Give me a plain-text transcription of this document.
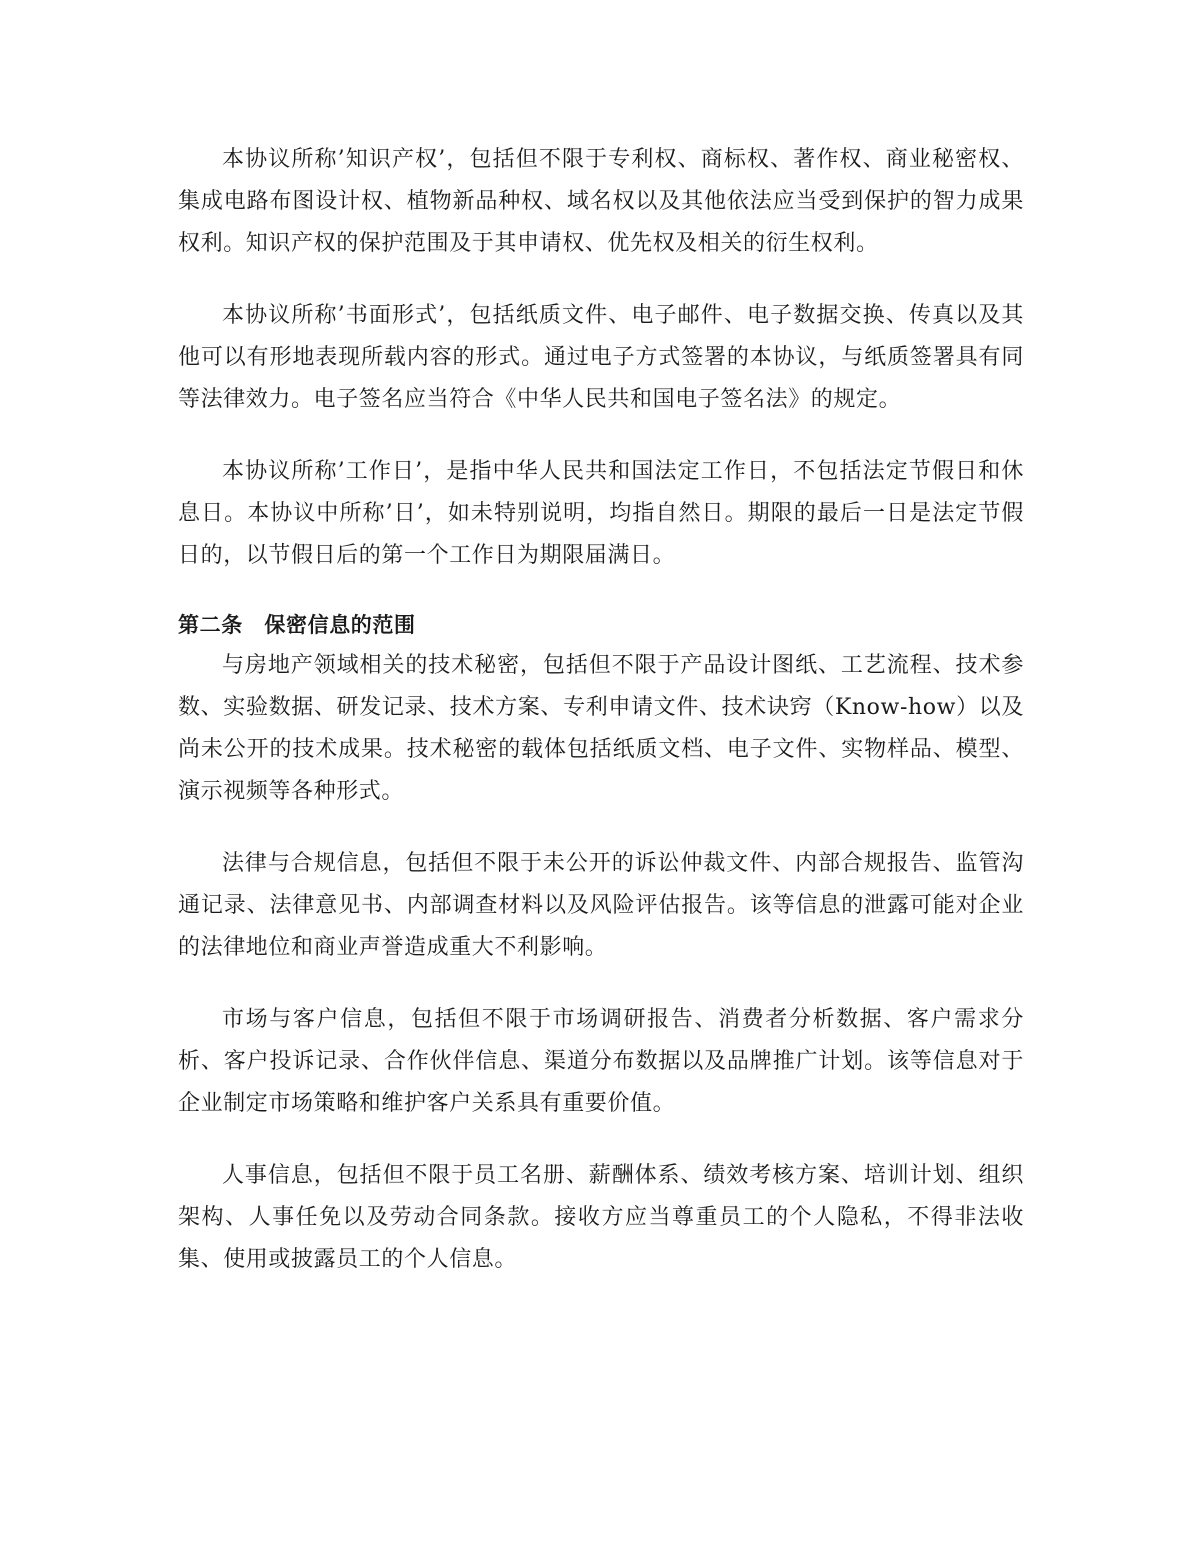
本协议所称’知识产权’，包括但不限于专利权、商标权、著作权、商业秘密权、集成电路布图设计权、植物新品种权、域名权以及其他依法应当受到保护的智力成果权利。知识产权的保护范围及于其申请权、优先权及相关的衍生权利。

本协议所称’书面形式’，包括纸质文件、电子邮件、电子数据交换、传真以及其他可以有形地表现所载内容的形式。通过电子方式签署的本协议，与纸质签署具有同等法律效力。电子签名应当符合《中华人民共和国电子签名法》的规定。

本协议所称’工作日’，是指中华人民共和国法定工作日，不包括法定节假日和休息日。本协议中所称’日’，如未特别说明，均指自然日。期限的最后一日是法定节假日的，以节假日后的第一个工作日为期限届满日。

第二条　保密信息的范围

与房地产领域相关的技术秘密，包括但不限于产品设计图纸、工艺流程、技术参数、实验数据、研发记录、技术方案、专利申请文件、技术诀窍（Know-how）以及尚未公开的技术成果。技术秘密的载体包括纸质文档、电子文件、实物样品、模型、演示视频等各种形式。

法律与合规信息，包括但不限于未公开的诉讼仲裁文件、内部合规报告、监管沟通记录、法律意见书、内部调查材料以及风险评估报告。该等信息的泄露可能对企业的法律地位和商业声誉造成重大不利影响。

市场与客户信息，包括但不限于市场调研报告、消费者分析数据、客户需求分析、客户投诉记录、合作伙伴信息、渠道分布数据以及品牌推广计划。该等信息对于企业制定市场策略和维护客户关系具有重要价值。

人事信息，包括但不限于员工名册、薪酬体系、绩效考核方案、培训计划、组织架构、人事任免以及劳动合同条款。接收方应当尊重员工的个人隐私，不得非法收集、使用或披露员工的个人信息。
